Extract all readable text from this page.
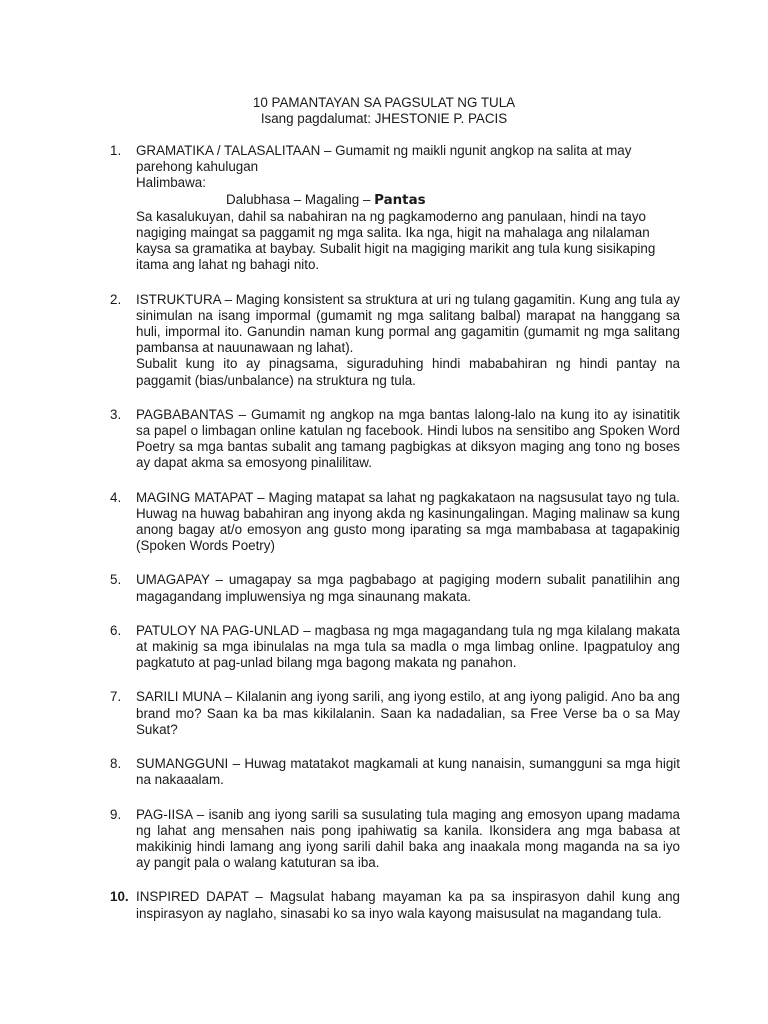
10 PAMANTAYAN SA PAGSULAT NG TULA
Isang pagdalumat: JHESTONIE P. PACIS
1. GRAMATIKA / TALASALITAAN – Gumamit ng maikli ngunit angkop na salita at may parehong kahulugan
Halimbawa:
Dalubhasa – Magaling – Pantas
Sa kasalukuyan, dahil sa nabahiran na ng pagkamoderno ang panulaan, hindi na tayo nagiging maingat sa paggamit ng mga salita. Ika nga, higit na mahalaga ang nilalaman kaysa sa gramatika at baybay. Subalit higit na magiging marikit ang tula kung sisikaping itama ang lahat ng bahagi nito.
2. ISTRUKTURA – Maging konsistent sa struktura at uri ng tulang gagamitin. Kung ang tula ay sinimulan na isang impormal (gumamit ng mga salitang balbal) marapat na hanggang sa huli, impormal ito. Ganundin naman kung pormal ang gagamitin (gumamit ng mga salitang pambansa at nauunawaan ng lahat).
Subalit kung ito ay pinagsama, siguraduhing hindi mababahiran ng hindi pantay na paggamit (bias/unbalance) na struktura ng tula.
3. PAGBABANTAS – Gumamit ng angkop na mga bantas lalong-lalo na kung ito ay isinatitik sa papel o limbagan online katulan ng facebook. Hindi lubos na sensitibo ang Spoken Word Poetry sa mga bantas subalit ang tamang pagbigkas at diksyon maging ang tono ng boses ay dapat akma sa emosyong pinalilitaw.
4. MAGING MATAPAT – Maging matapat sa lahat ng pagkakataon na nagsusulat tayo ng tula. Huwag na huwag babahiran ang inyong akda ng kasinungalingan. Maging malinaw sa kung anong bagay at/o emosyon ang gusto mong iparating sa mga mambabasa at tagapakinig (Spoken Words Poetry)
5. UMAGAPAY – umagapay sa mga pagbabago at pagiging modern subalit panatilihin ang magagandang impluwensiya ng mga sinaunang makata.
6. PATULOY NA PAG-UNLAD – magbasa ng mga magagandang tula ng mga kilalang makata at makinig sa mga ibinulalas na mga tula sa madla o mga limbag online. Ipagpatuloy ang pagkatuto at pag-unlad bilang mga bagong makata ng panahon.
7. SARILI MUNA – Kilalanin ang iyong sarili, ang iyong estilo, at ang iyong paligid. Ano ba ang brand mo? Saan ka ba mas kikilalanin. Saan ka nadadalian, sa Free Verse ba o sa May Sukat?
8. SUMANGGUNI – Huwag matatakot magkamali at kung nanaisin, sumangguni sa mga higit na nakaaalam.
9. PAG-IISA – isanib ang iyong sarili sa susulating tula maging ang emosyon upang madama ng lahat ang mensahen nais pong ipahiwatig sa kanila. Ikonsidera ang mga babasa at makikinig hindi lamang ang iyong sarili dahil baka ang inaakala mong maganda na sa iyo ay pangit pala o walang katuturan sa iba.
10. INSPIRED DAPAT – Magsulat habang mayaman ka pa sa inspirasyon dahil kung ang inspirasyon ay naglaho, sinasabi ko sa inyo wala kayong maisusulat na magandang tula.
